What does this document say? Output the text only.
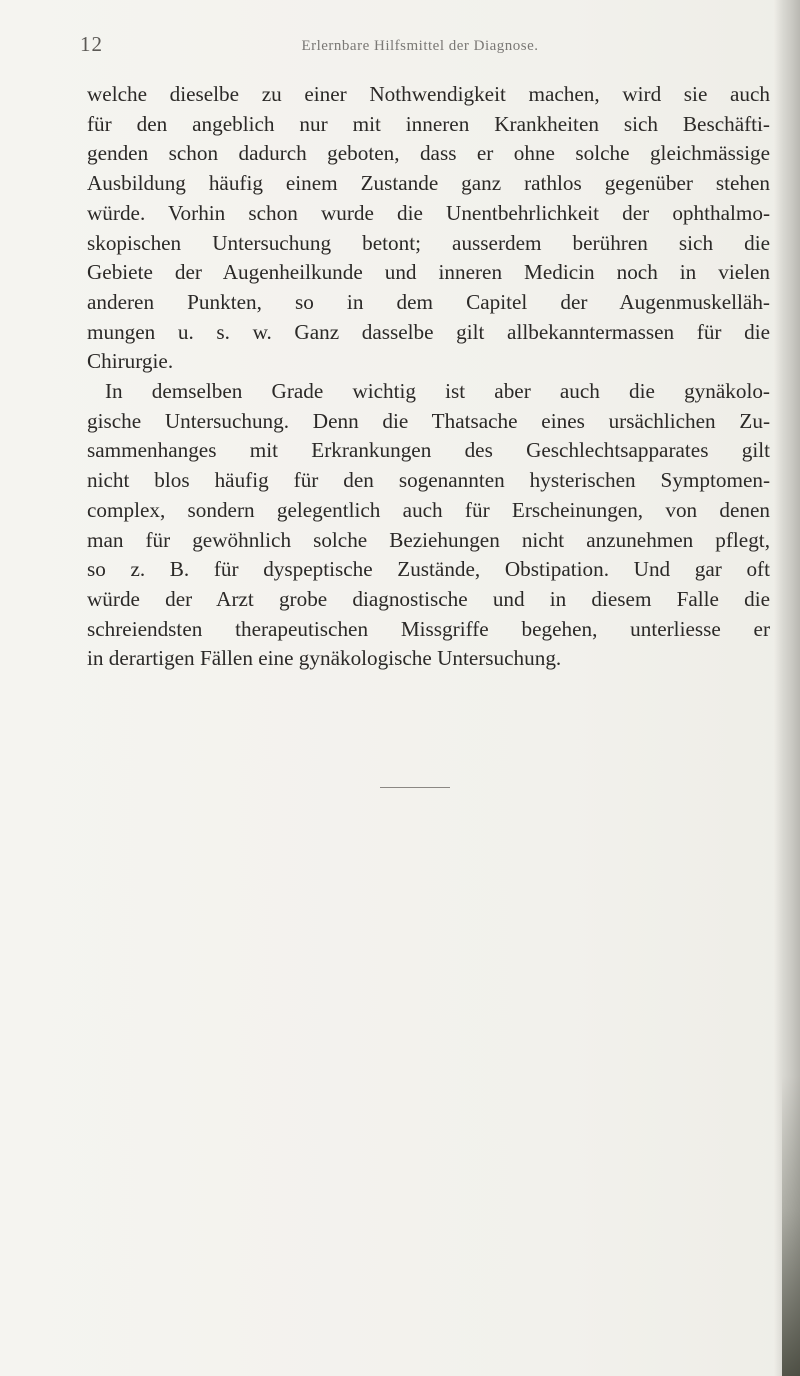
12	Erlernbare Hilfsmittel der Diagnose.
welche dieselbe zu einer Nothwendigkeit machen, wird sie auch
für den angeblich nur mit inneren Krankheiten sich Beschäfti-
genden schon dadurch geboten, dass er ohne solche gleichmässige
Ausbildung häufig einem Zustande ganz rathlos gegenüber stehen
würde. Vorhin schon wurde die Unentbehrlichkeit der ophthalmo-
skopischen Untersuchung betont; ausserdem berühren sich die
Gebiete der Augenheilkunde und inneren Medicin noch in vielen
anderen Punkten, so in dem Capitel der Augenmuskelläh-
mungen u. s. w. Ganz dasselbe gilt allbekanntermassen für die
Chirurgie.
In demselben Grade wichtig ist aber auch die gynäkolo-
gische Untersuchung. Denn die Thatsache eines ursächlichen Zu-
sammenhanges mit Erkrankungen des Geschlechtsapparates gilt
nicht blos häufig für den sogenannten hysterischen Symptomen-
complex, sondern gelegentlich auch für Erscheinungen, von denen
man für gewöhnlich solche Beziehungen nicht anzunehmen pflegt,
so z. B. für dyspeptische Zustände, Obstipation. Und gar oft
würde der Arzt grobe diagnostische und in diesem Falle die
schreiendsten therapeutischen Missgriffe begehen, unterliesse er
in derartigen Fällen eine gynäkologische Untersuchung.
